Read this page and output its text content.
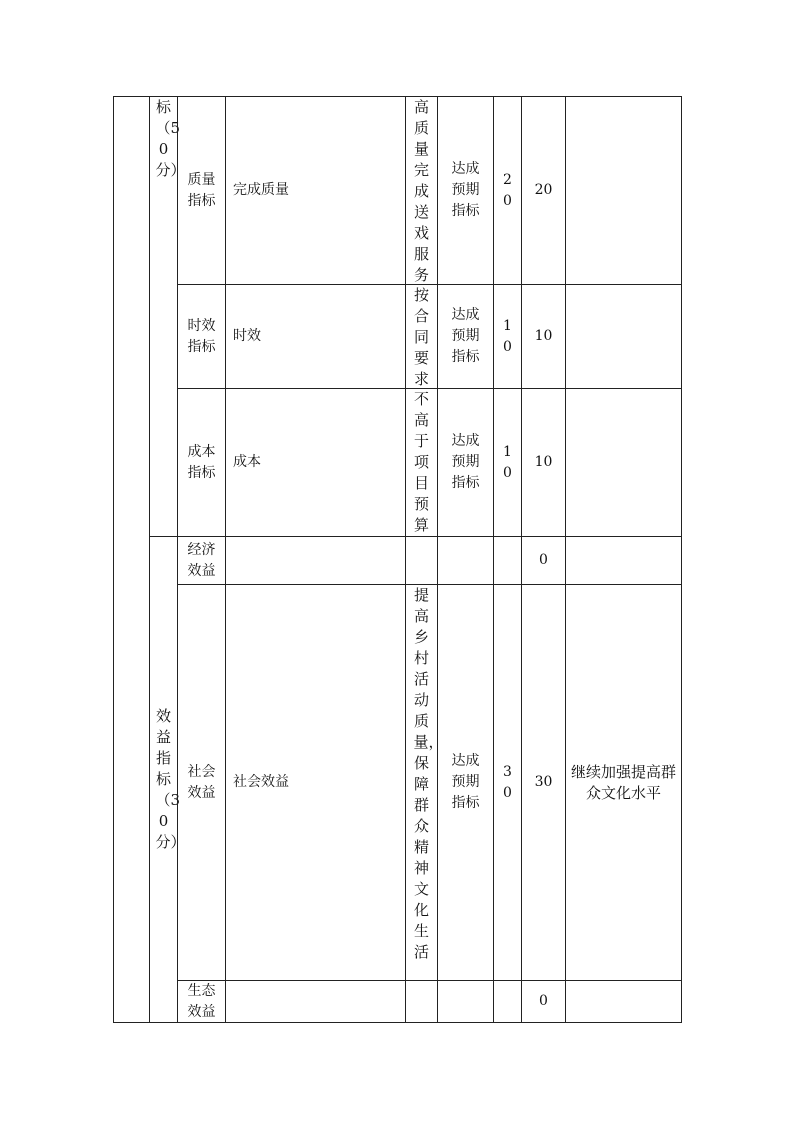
标（50分）
效益指标（30分）
质量指标
完成质量
高质量完成送戏服务
达成预期指标
20
20
时效指标
时效
按合同要求
达成预期指标
10
10
成本指标
成本
不高于项目预算
达成预期指标
10
10
经济效益
0
社会效益
社会效益
提高乡村活动质量，保障群众精神文化生活
达成预期指标
30
30
继续加强提高群众文化水平
生态效益
0
